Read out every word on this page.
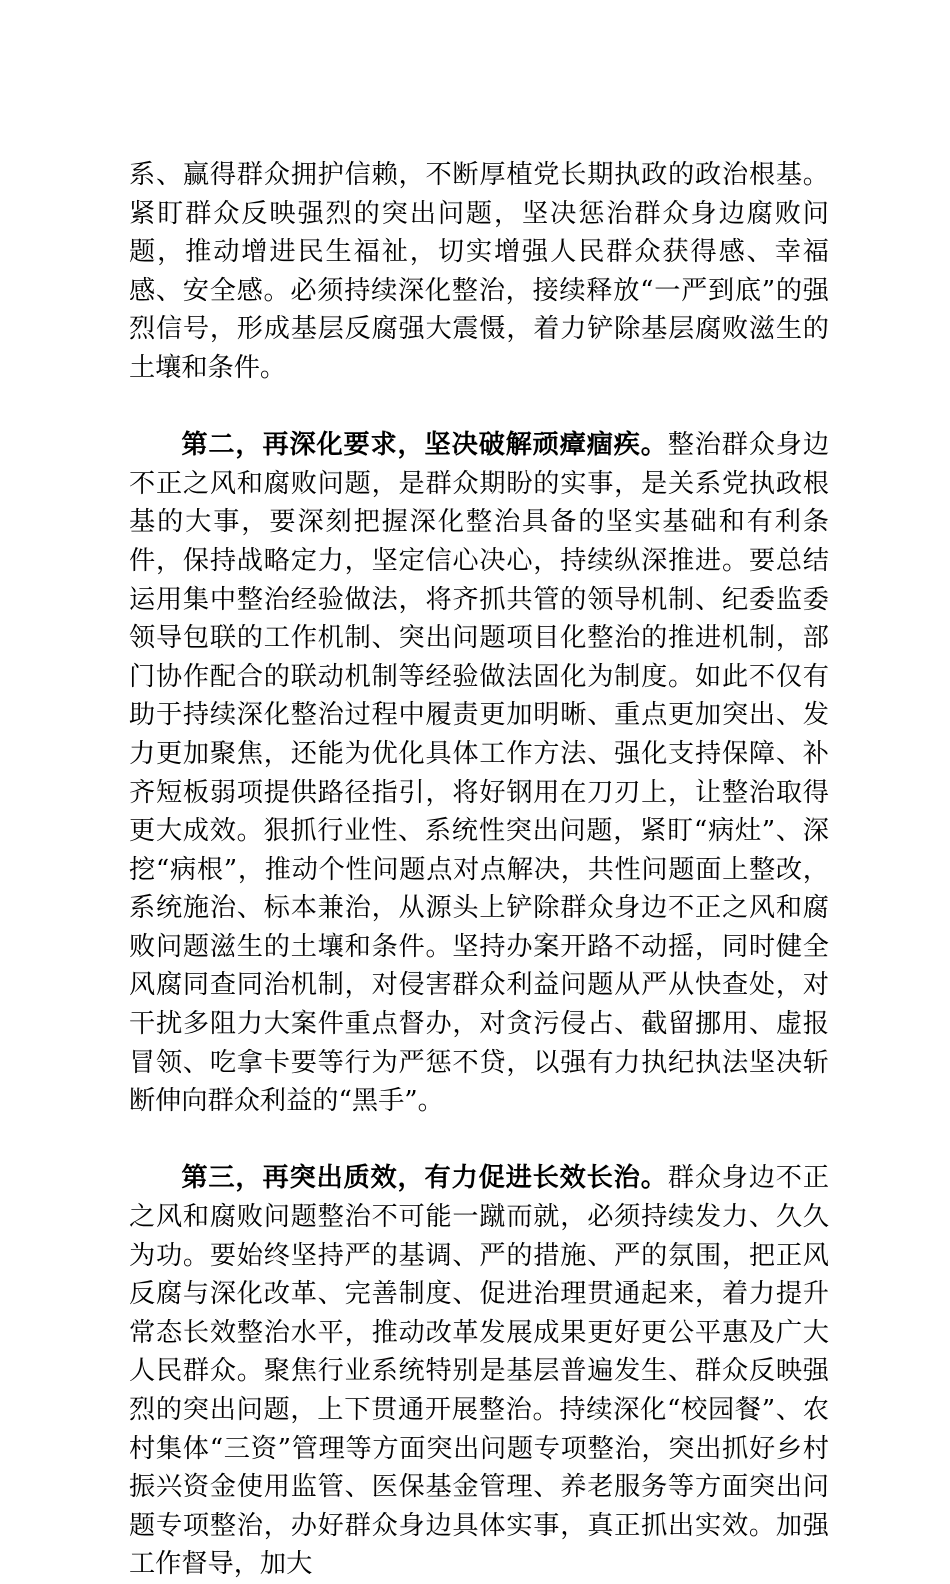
系、赢得群众拥护信赖，不断厚植党长期执政的政治根基。紧盯群众反映强烈的突出问题，坚决惩治群众身边腐败问题，推动增进民生福祉，切实增强人民群众获得感、幸福感、安全感。必须持续深化整治，接续释放“一严到底”的强烈信号，形成基层反腐强大震慑，着力铲除基层腐败滋生的土壤和条件。

第二，再深化要求，坚决破解顽瘴痼疾。整治群众身边不正之风和腐败问题，是群众期盼的实事，是关系党执政根基的大事，要深刻把握深化整治具备的坚实基础和有利条件，保持战略定力，坚定信心决心，持续纵深推进。要总结运用集中整治经验做法，将齐抓共管的领导机制、纪委监委领导包联的工作机制、突出问题项目化整治的推进机制，部门协作配合的联动机制等经验做法固化为制度。如此不仅有助于持续深化整治过程中履责更加明晰、重点更加突出、发力更加聚焦，还能为优化具体工作方法、强化支持保障、补齐短板弱项提供路径指引，将好钢用在刀刃上，让整治取得更大成效。狠抓行业性、系统性突出问题，紧盯“病灶”、深挖“病根”，推动个性问题点对点解决，共性问题面上整改，系统施治、标本兼治，从源头上铲除群众身边不正之风和腐败问题滋生的土壤和条件。坚持办案开路不动摇，同时健全风腐同查同治机制，对侵害群众利益问题从严从快查处，对干扰多阻力大案件重点督办，对贪污侵占、截留挪用、虚报冒领、吃拿卡要等行为严惩不贷，以强有力执纪执法坚决斩断伸向群众利益的“黑手”。

第三，再突出质效，有力促进长效长治。群众身边不正之风和腐败问题整治不可能一蹴而就，必须持续发力、久久为功。要始终坚持严的基调、严的措施、严的氛围，把正风反腐与深化改革、完善制度、促进治理贯通起来，着力提升常态长效整治水平，推动改革发展成果更好更公平惠及广大人民群众。聚焦行业系统特别是基层普遍发生、群众反映强烈的突出问题，上下贯通开展整治。持续深化“校园餐”、农村集体“三资”管理等方面突出问题专项整治，突出抓好乡村振兴资金使用监管、医保基金管理、养老服务等方面突出问题专项整治，办好群众身边具体实事，真正抓出实效。加强工作督导，加大
